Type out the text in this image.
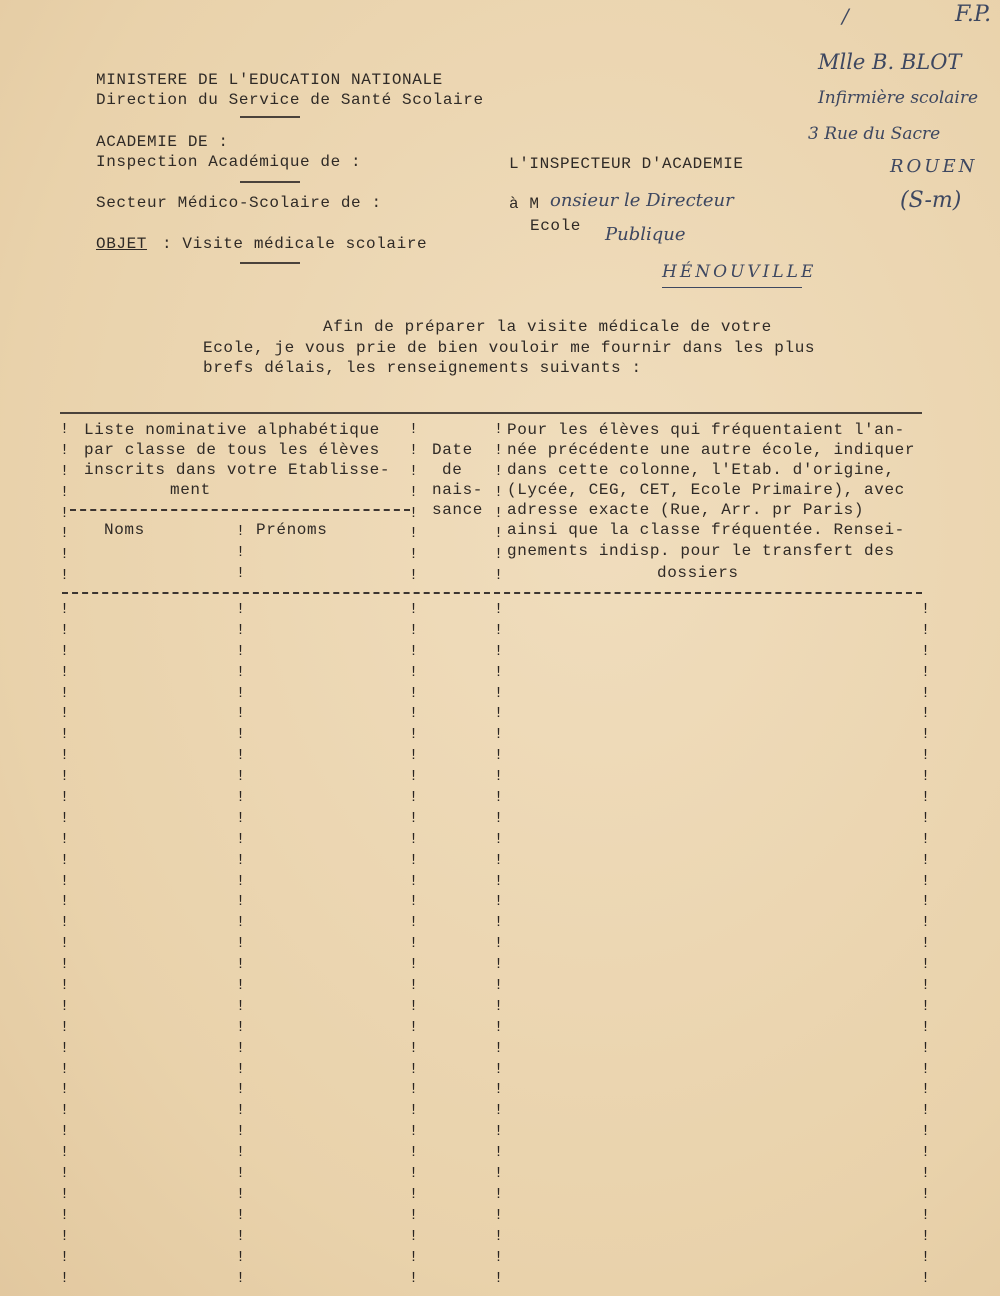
/	F.P.
Mlle B. BLOT
Infirmière scolaire
3 Rue du Sacre
ROUEN
(S-m)
onsieur le Directeur
Publique
HÉNOUVILLE
MINISTERE DE L'EDUCATION NATIONALE
Direction du Service de Santé Scolaire
ACADEMIE DE :
Inspection Académique de :
Secteur Médico-Scolaire de :
OBJET : Visite médicale scolaire
L'INSPECTEUR D'ACADEMIE
à M
Ecole
Afin de préparer la visite médicale de votre
Ecole, je vous prie de bien vouloir me fournir dans les plus
brefs délais, les renseignements suivants :
Liste nominative alphabétique
par classe de tous les élèves
inscrits dans votre Etablisse-
ment
Noms	Prénoms
Date
de
nais-
sance
Pour les élèves qui fréquentaient l'an-
née précédente une autre école, indiquer
dans cette colonne, l'Etab. d'origine,
(Lycée, CEG, CET, Ecole Primaire), avec
adresse exacte (Rue, Arr. pr Paris)
ainsi que la classe fréquentée. Rensei-
gnements indisp. pour le transfert des
dossiers
!
!
!
!
!
!
!
!
!
!
!
!
!
!
!
!
!
!
!
!
!
!
!
!
!
!
!
!
!
!
!
!
!
!
!
!
!
!
!
!
!
!
!
!
!
!
!
!
!
!
!
!
!
!
!
!
!
!
!
!
!
!
!
!
!
!
!
!
!
!
!
!
!
!
!
!
!
!
!
!
!
!
!
!
!
!
!
!
!
!
!
!
!
!
!
!
!
!
!
!
!
!
!
!
!
!
!
!
!
!
!
!
!
!
!
!
!
!
!
!
!
!
!
!
!
!
!
!
!
!
!
!
!
!
!
!
!
!
!
!
!
!
!
!
!
!
!
!
!
!
!
!
!
!
!
!
!
!
!
!
!
!
!
!
!
!
!
!
!
!
!
!
!
!
!
!
!
!
!
!
!
!
!
!
!
!
!
!
!
!
!
!
